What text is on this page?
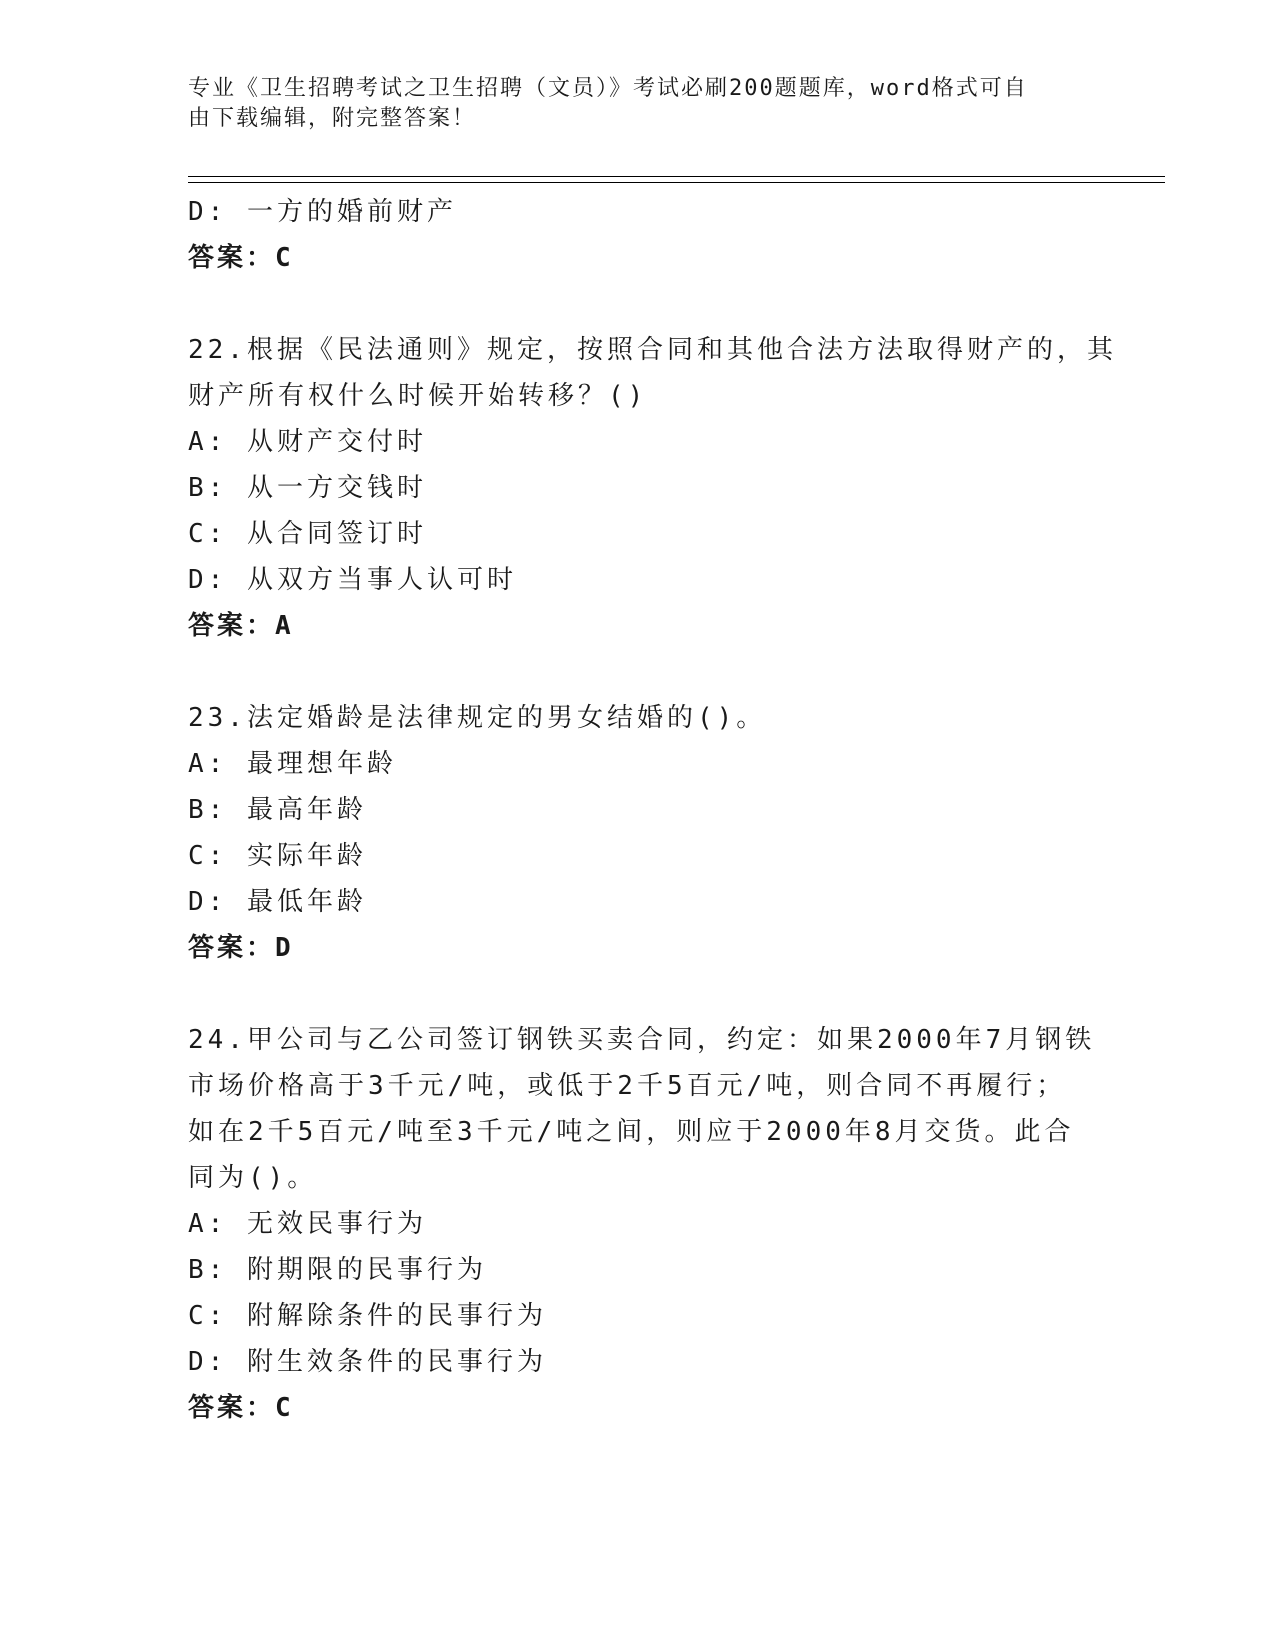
专业《卫生招聘考试之卫生招聘（文员）》考试必刷200题题库，word格式可自
由下载编辑，附完整答案！
D: 一方的婚前财产
答案：C
22.根据《民法通则》规定，按照合同和其他合法方法取得财产的，其
财产所有权什么时候开始转移？()
A: 从财产交付时
B: 从一方交钱时
C: 从合同签订时
D: 从双方当事人认可时
答案：A
23.法定婚龄是法律规定的男女结婚的()。
A: 最理想年龄
B: 最高年龄
C: 实际年龄
D: 最低年龄
答案：D
24.甲公司与乙公司签订钢铁买卖合同，约定：如果2000年7月钢铁
市场价格高于3千元/吨，或低于2千5百元/吨，则合同不再履行；
如在2千5百元/吨至3千元/吨之间，则应于2000年8月交货。此合
同为()。
A: 无效民事行为
B: 附期限的民事行为
C: 附解除条件的民事行为
D: 附生效条件的民事行为
答案：C
